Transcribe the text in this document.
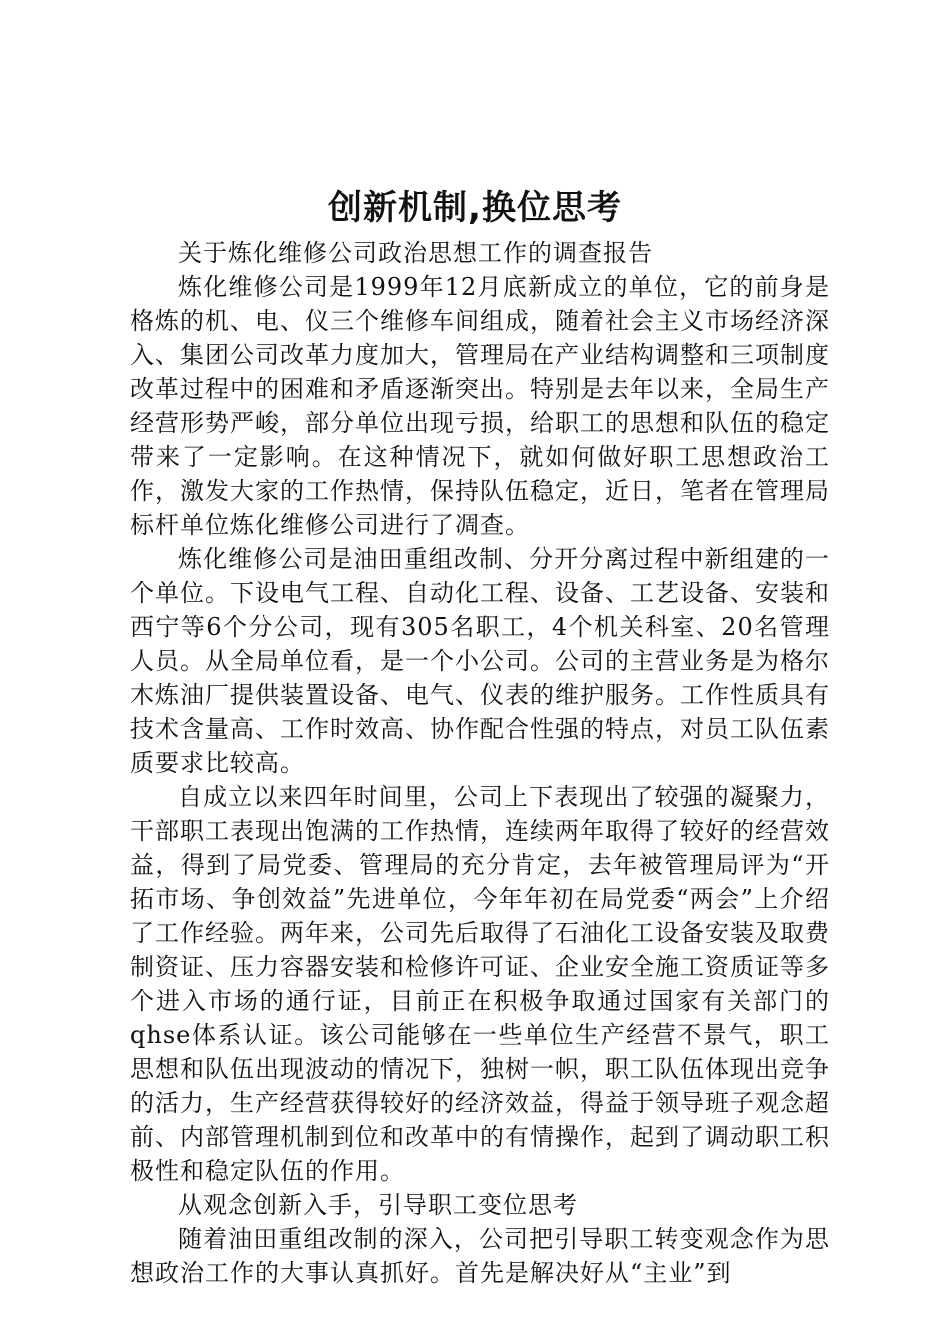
创新机制,换位思考

关于炼化维修公司政治思想工作的调查报告

炼化维修公司是1999年12月底新成立的单位，它的前身是格炼的机、电、仪三个维修车间组成，随着社会主义市场经济深入、集团公司改革力度加大，管理局在产业结构调整和三项制度改革过程中的困难和矛盾逐渐突出。特别是去年以来，全局生产经营形势严峻，部分单位出现亏损，给职工的思想和队伍的稳定带来了一定影响。在这种情况下，就如何做好职工思想政治工作，激发大家的工作热情，保持队伍稳定，近日，笔者在管理局标杆单位炼化维修公司进行了凋查。

炼化维修公司是油田重组改制、分开分离过程中新组建的一个单位。下设电气工程、自动化工程、设备、工艺设备、安装和西宁等6个分公司，现有305名职工，4个机关科室、20名管理人员。从全局单位看，是一个小公司。公司的主营业务是为格尔木炼油厂提供装置设备、电气、仪表的维护服务。工作性质具有技术含量高、工作时效高、协作配合性强的特点，对员工队伍素质要求比较高。

自成立以来四年时间里，公司上下表现出了较强的凝聚力，干部职工表现出饱满的工作热情，连续两年取得了较好的经营效益，得到了局党委、管理局的充分肯定，去年被管理局评为“开拓市场、争创效益”先进单位，今年年初在局党委“两会”上介绍了工作经验。两年来，公司先后取得了石油化工设备安装及取费制资证、压力容器安装和检修许可证、企业安全施工资质证等多个进入市场的通行证，目前正在积极争取通过国家有关部门的qhse体系认证。该公司能够在一些单位生产经营不景气，职工思想和队伍出现波动的情况下，独树一帜，职工队伍体现出竞争的活力，生产经营获得较好的经济效益，得益于领导班子观念超前、内部管理机制到位和改革中的有情操作，起到了调动职工积极性和稳定队伍的作用。

从观念创新入手，引导职工变位思考

随着油田重组改制的深入，公司把引导职工转变观念作为思想政治工作的大事认真抓好。首先是解决好从“主业”到
